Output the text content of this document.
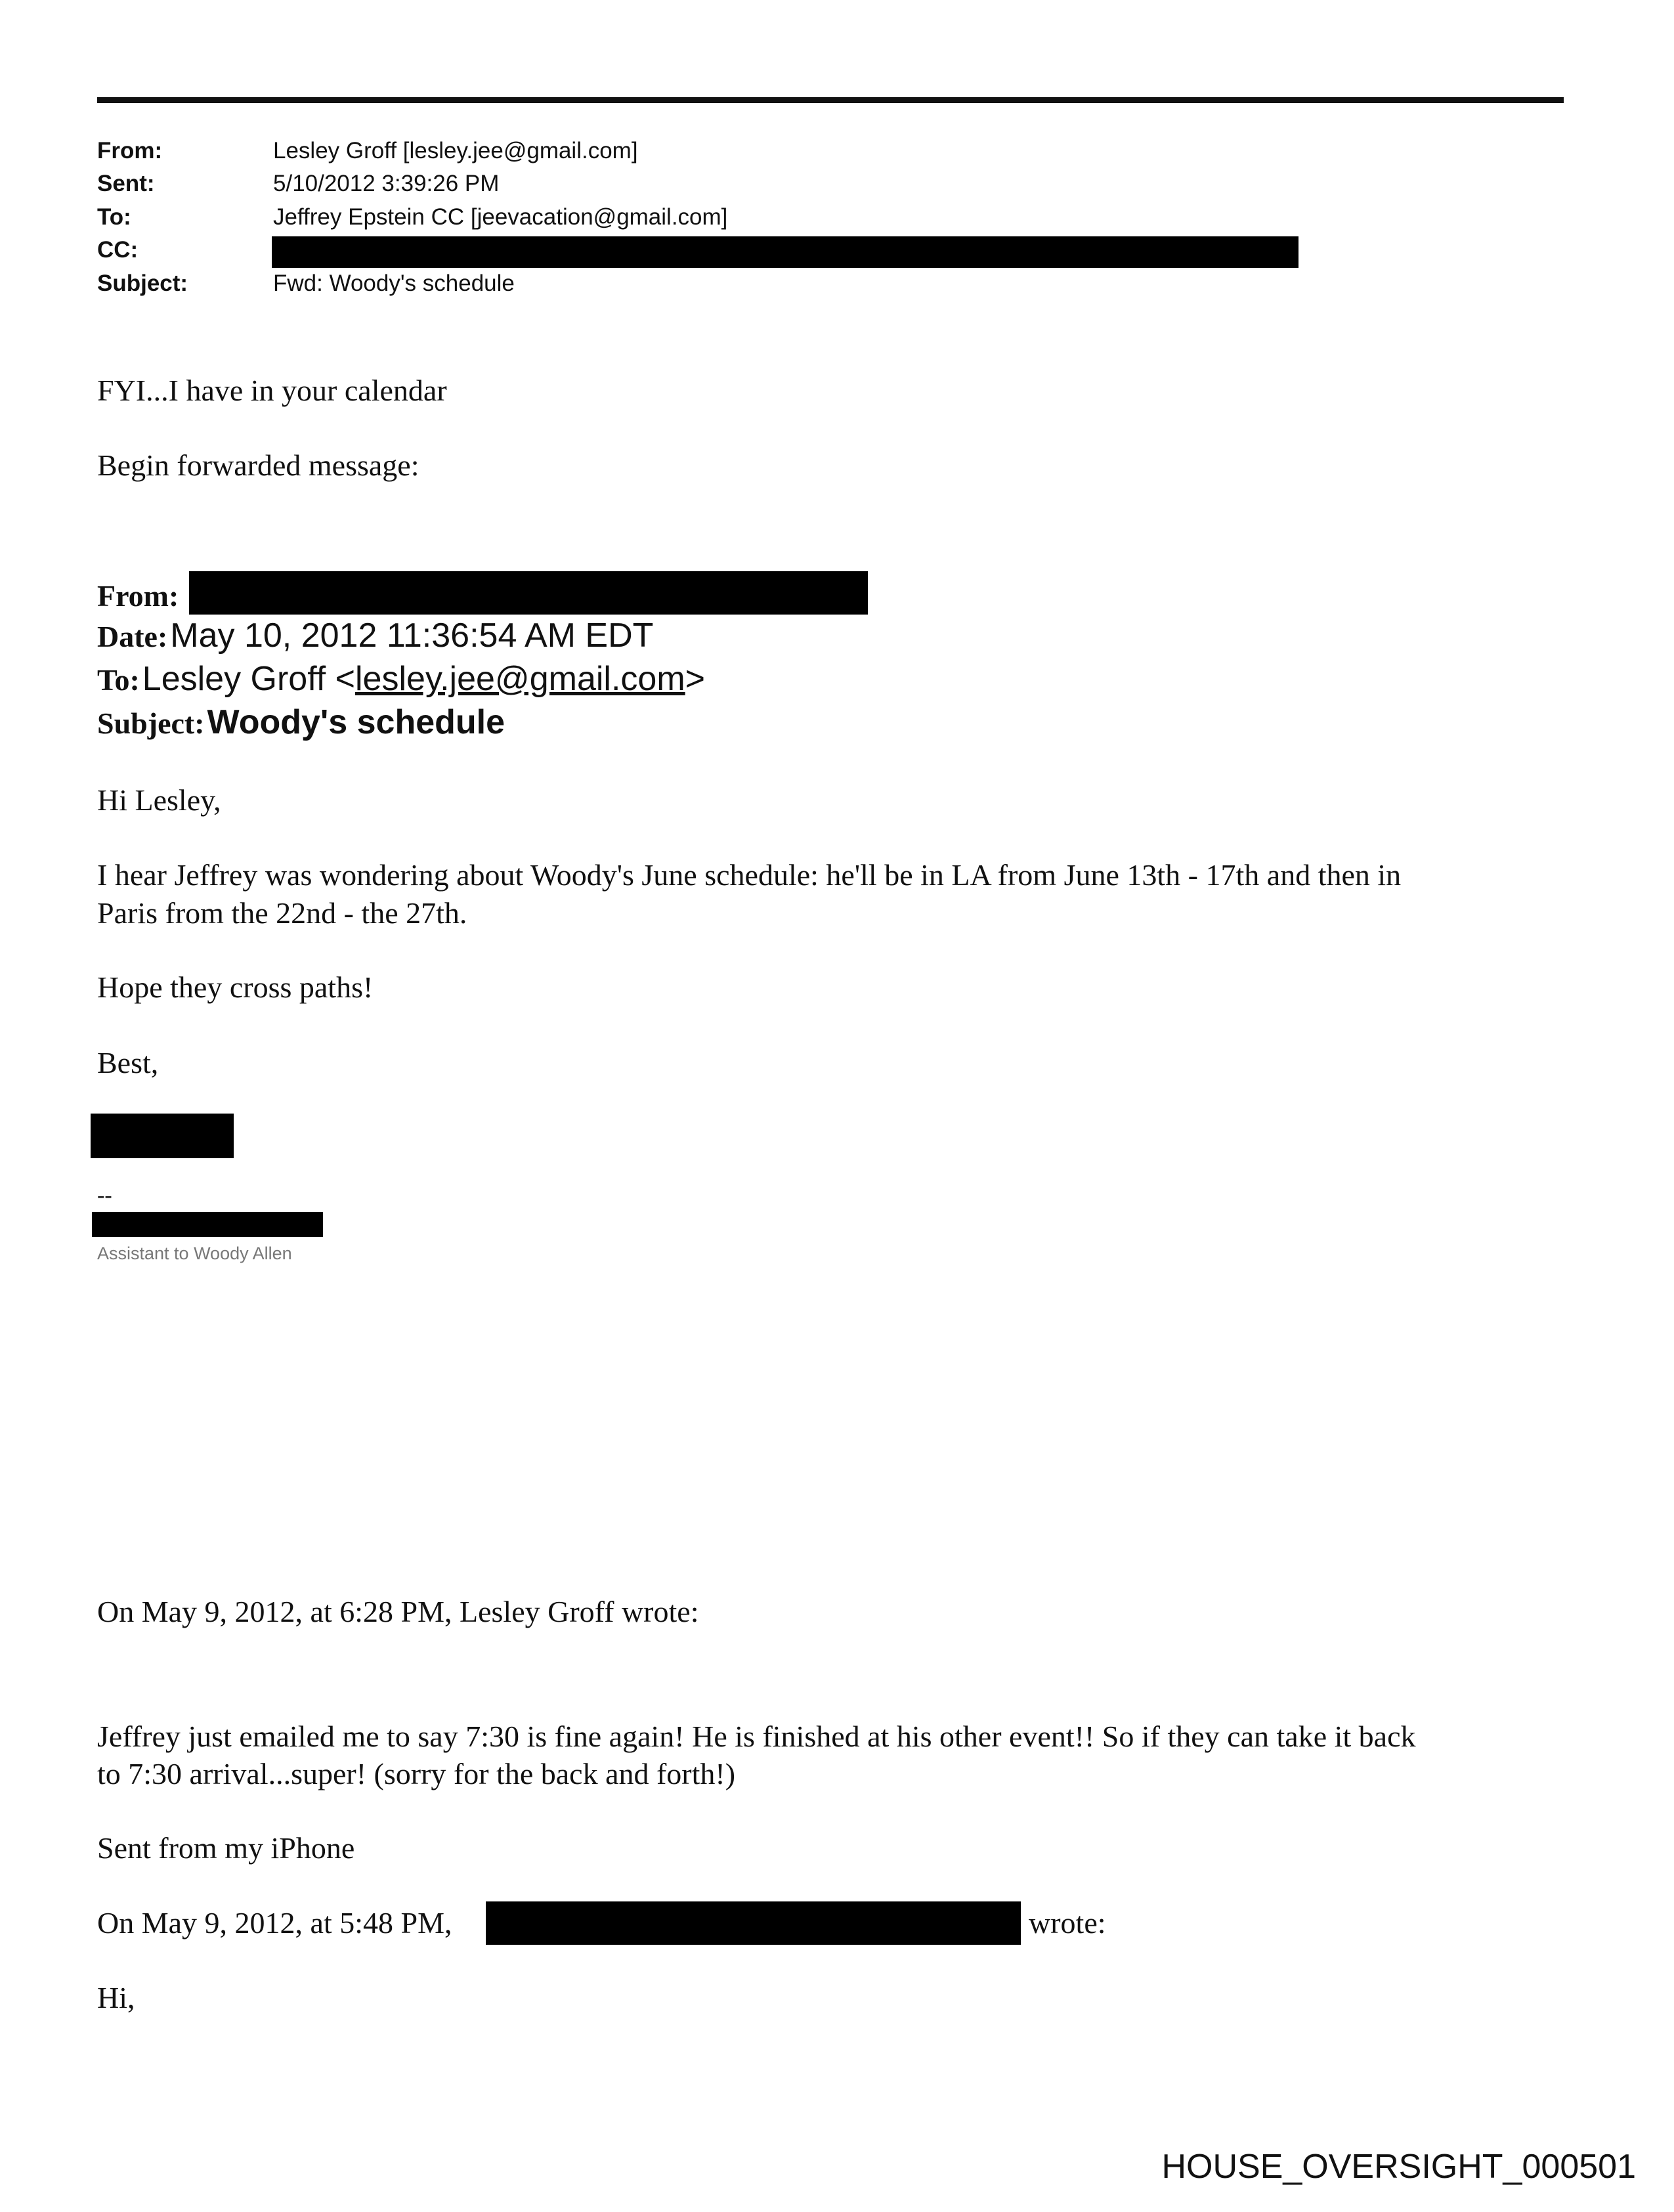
From:	Lesley Groff [lesley.jee@gmail.com]
Sent:	5/10/2012 3:39:26 PM
To:	Jeffrey Epstein CC [jeevacation@gmail.com]
CC:
Subject:	Fwd: Woody's schedule
FYI...I have in your calendar
Begin forwarded message:
From:
Date: May 10, 2012 11:36:54 AM EDT
To: Lesley Groff <lesley.jee@gmail.com>
Subject: Woody's schedule
Hi Lesley,
I hear Jeffrey was wondering about Woody's June schedule: he'll be in LA from June 13th - 17th and then in
Paris from the 22nd - the 27th.
Hope they cross paths!
Best,
--
Assistant to Woody Allen
On May 9, 2012, at 6:28 PM, Lesley Groff wrote:
Jeffrey just emailed me to say 7:30 is fine again! He is finished at his other event!! So if they can take it back
to 7:30 arrival...super! (sorry for the back and forth!)
Sent from my iPhone
On May 9, 2012, at 5:48 PM,	wrote:
Hi,
HOUSE_OVERSIGHT_000501
